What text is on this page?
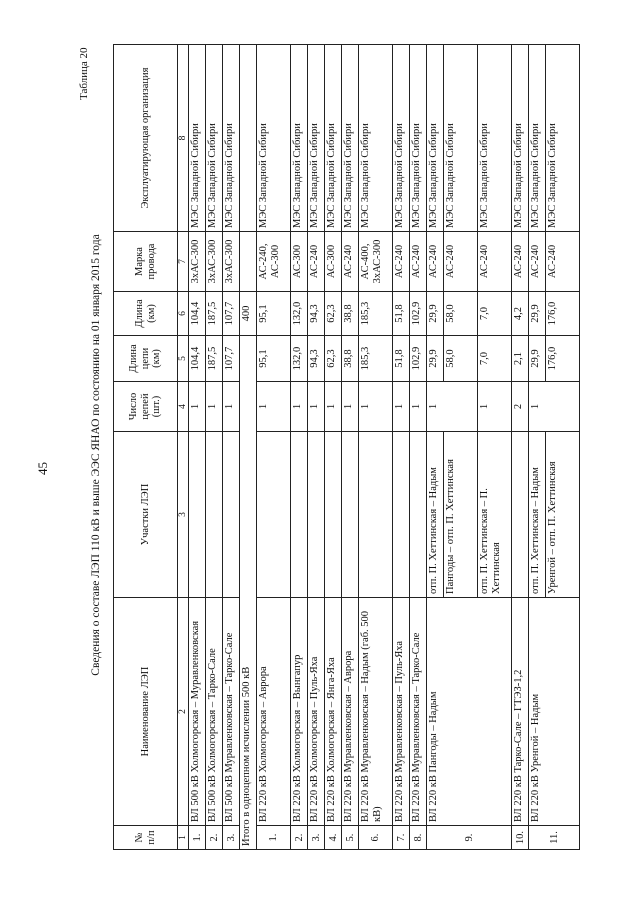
45
Таблица 20
Сведения о составе ЛЭП 110 кВ и выше ЭЭС ЯНАО по состоянию на 01 января 2015 года
№ п/п	Наименование ЛЭП	Участки ЛЭП	Число цепей (шт.)	Длина цепи (км)	Длина (км)	Марка провода	Эксплуатирующая организация
1	2	3	4	5	6	7	8
1.	ВЛ 500 кВ Холмогорская – Муравленковская		1	104,4	104,4	3хАС-300	МЭС Западной Сибири
2.	ВЛ 500 кВ Холмогорская – Тарко-Сале		1	187,5	187,5	3хАС-300	МЭС Западной Сибири
3.	ВЛ 500 кВ Муравленковская – Тарко-Сале		1	107,7	107,7	3хАС-300	МЭС Западной Сибири
Итого в одноцепном исчислении 500 кВ					400		
1.	ВЛ 220 кВ Холмогорская – Аврора		1	95,1	95,1	АС-240, АС-300	МЭС Западной Сибири
2.	ВЛ 220 кВ Холмогорская – Вынгапур		1	132,0	132,0	АС-300	МЭС Западной Сибири
3.	ВЛ 220 кВ Холмогорская – Пуль-Яха		1	94,3	94,3	АС-240	МЭС Западной Сибири
4.	ВЛ 220 кВ Холмогорская – Янга-Яха		1	62,3	62,3	АС-300	МЭС Западной Сибири
5.	ВЛ 220 кВ Муравленковская – Аврора		1	38,8	38,8	АС-240	МЭС Западной Сибири
6.	ВЛ 220 кВ Муравленковская – Надым (габ. 500 кВ)		1	185,3	185,3	АС-400, 3хАС-300	МЭС Западной Сибири
7.	ВЛ 220 кВ Муравленковская – Пуль-Яха		1	51,8	51,8	АС-240	МЭС Западной Сибири
8.	ВЛ 220 кВ Муравленковская – Тарко-Сале		1	102,9	102,9	АС-240	МЭС Западной Сибири
9.	ВЛ 220 кВ Пангоды – Надым	отп. П. Хеттинская – Надым	1	29,9	29,9	АС-240	МЭС Западной Сибири
		Пангоды – отп. П. Хеттинская		58,0	58,0	АС-240	МЭС Западной Сибири
		отп. П. Хеттинская – П. Хеттинская	1	7,0	7,0	АС-240	МЭС Западной Сибири
10.	ВЛ 220 кВ Тарко-Сале – ГТЭЗ-1,2		2	2,1	4,2	АС-240	МЭС Западной Сибири
11.	ВЛ 220 кВ Уренгой – Надым	отп. П. Хеттинская – Надым	1	29,9	29,9	АС-240	МЭС Западной Сибири
		Уренгой – отп. П. Хеттинская		176,0	176,0	АС-240	МЭС Западной Сибири
